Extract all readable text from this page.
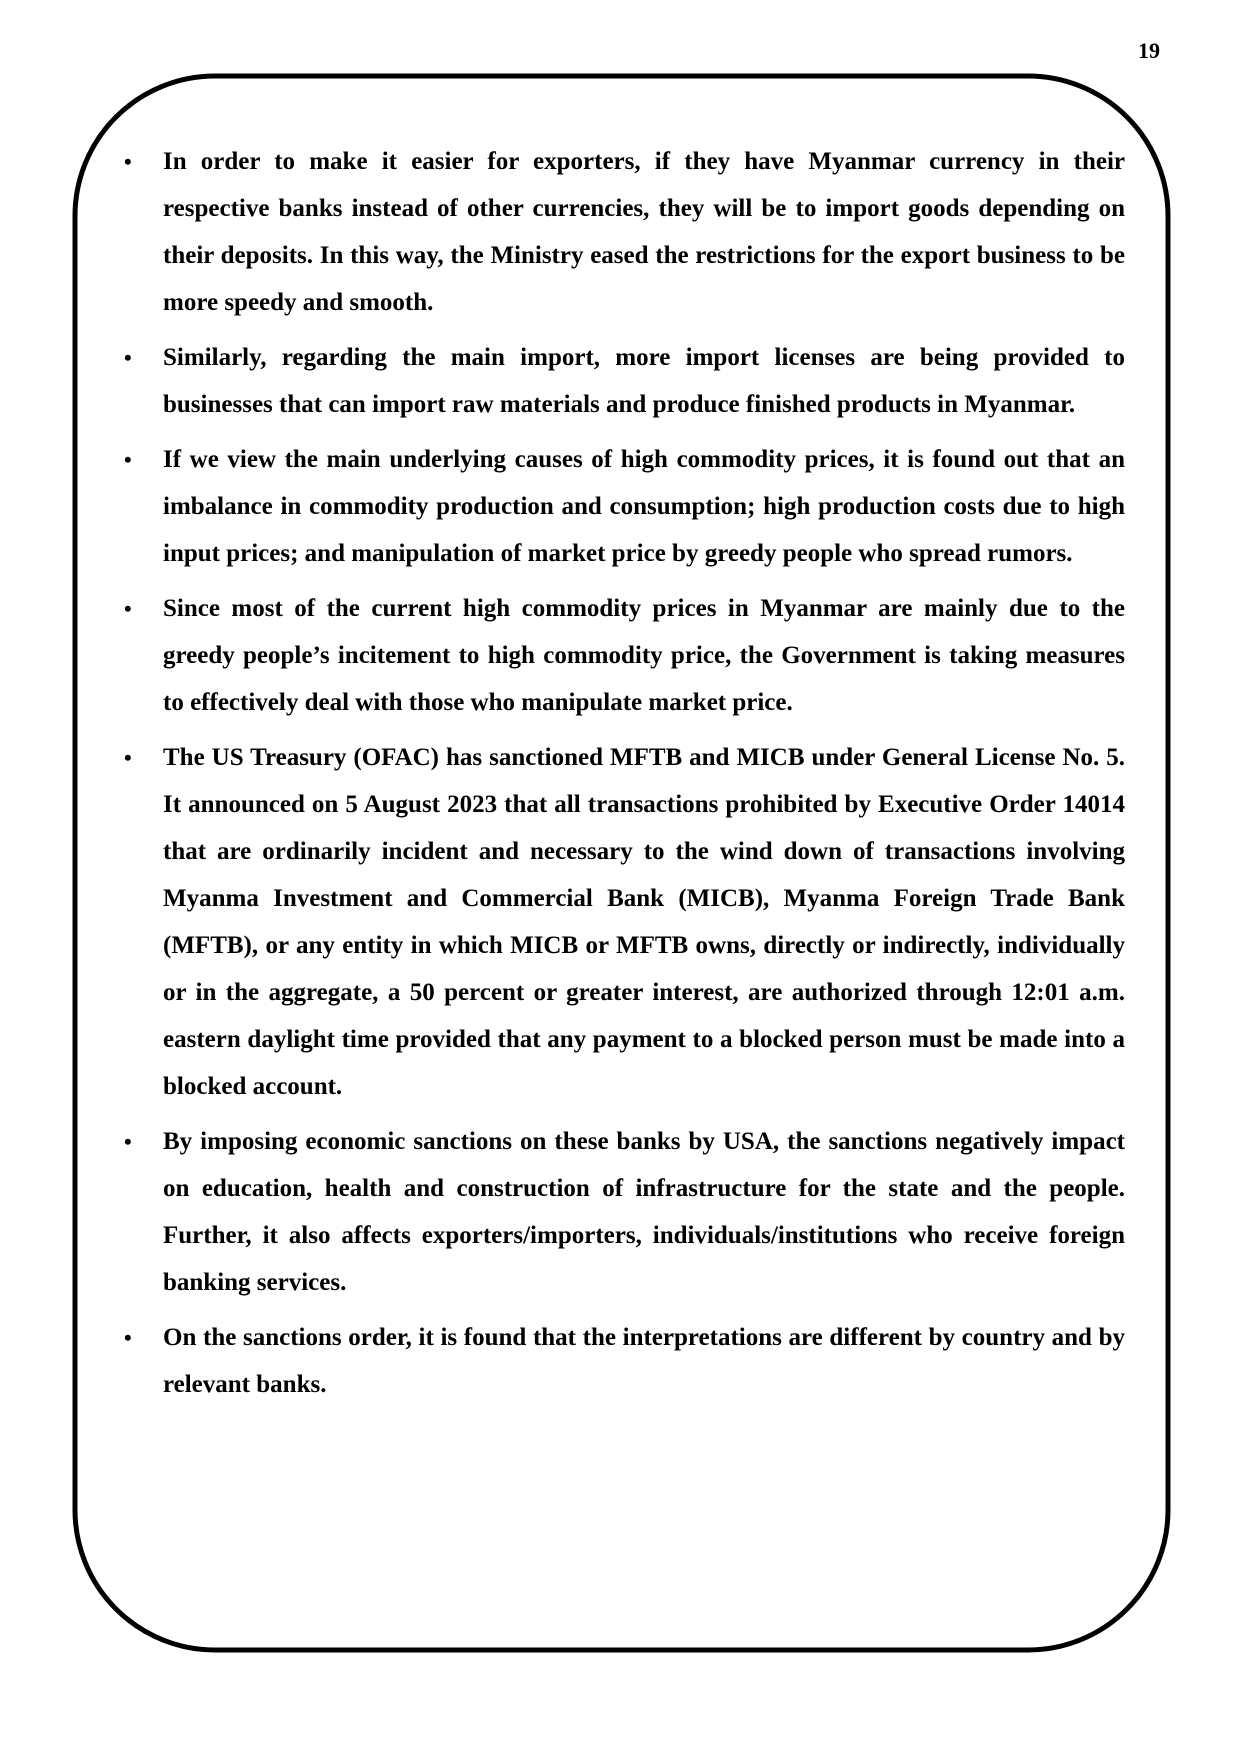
19
• In order to make it easier for exporters, if they have Myanmar currency in their respective banks instead of other currencies, they will be to import goods depending on their deposits. In this way, the Ministry eased the restrictions for the export business to be more speedy and smooth.
• Similarly, regarding the main import, more import licenses are being provided to businesses that can import raw materials and produce finished products in Myanmar.
• If we view the main underlying causes of high commodity prices, it is found out that an imbalance in commodity production and consumption; high production costs due to high input prices; and manipulation of market price by greedy people who spread rumors.
• Since most of the current high commodity prices in Myanmar are mainly due to the greedy people’s incitement to high commodity price, the Government is taking measures to effectively deal with those who manipulate market price.
• The US Treasury (OFAC) has sanctioned MFTB and MICB under General License No. 5. It announced on 5 August 2023 that all transactions prohibited by Executive Order 14014 that are ordinarily incident and necessary to the wind down of transactions involving Myanma Investment and Commercial Bank (MICB), Myanma Foreign Trade Bank (MFTB), or any entity in which MICB or MFTB owns, directly or indirectly, individually or in the aggregate, a 50 percent or greater interest, are authorized through 12:01 a.m. eastern daylight time provided that any payment to a blocked person must be made into a blocked account.
• By imposing economic sanctions on these banks by USA, the sanctions negatively impact on education, health and construction of infrastructure for the state and the people. Further, it also affects exporters/importers, individuals/institutions who receive foreign banking services.
• On the sanctions order, it is found that the interpretations are different by country and by relevant banks.
